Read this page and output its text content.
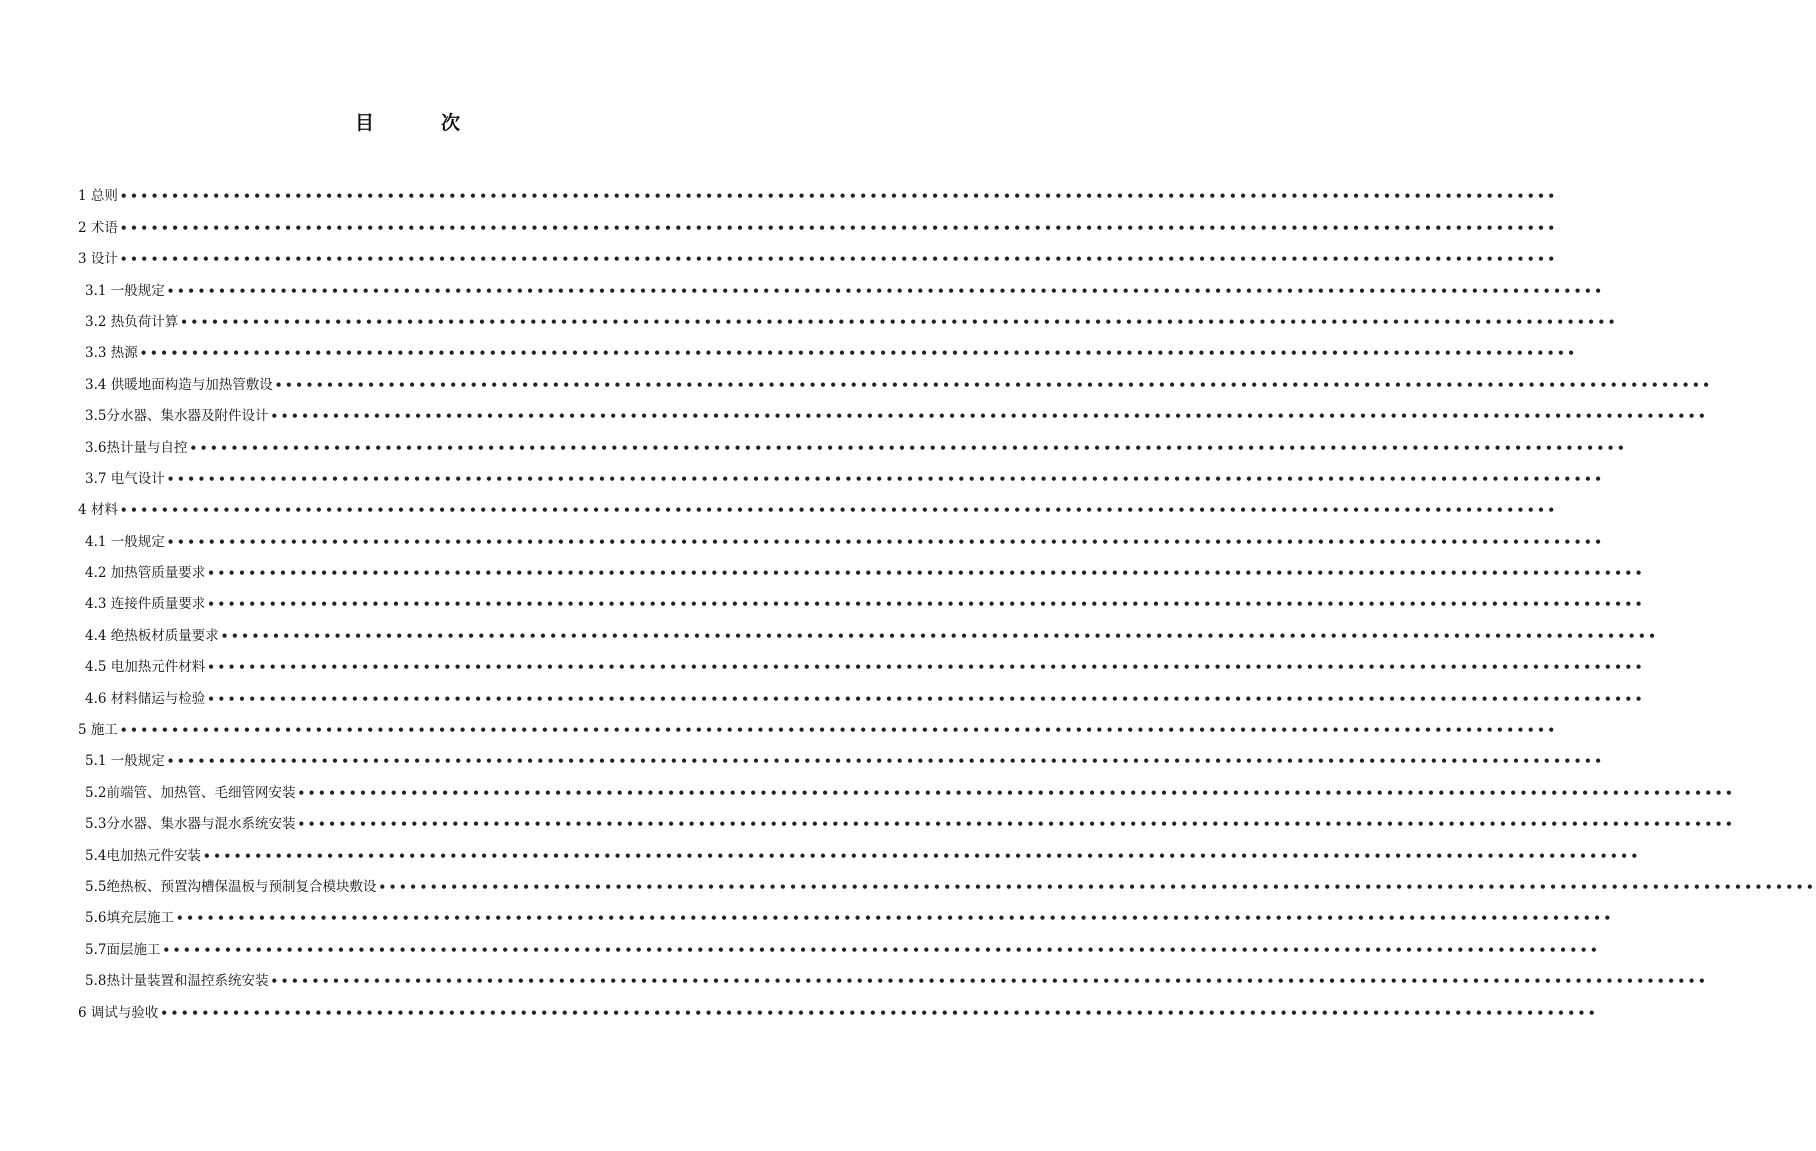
目　次
1 总则 ••••••••••••••••••••••••••••••••••••••••••••••••••••••••••••••••••••••••••••••••••••••••••••••••••••••••••••••••••••••••••••••••••••••••••••
2 术语 ••••••••••••••••••••••••••••••••••••••••••••••••••••••••••••••••••••••••••••••••••••••••••••••••••••••••••••••••••••••••••••••••••••••••••••
3 设计 ••••••••••••••••••••••••••••••••••••••••••••••••••••••••••••••••••••••••••••••••••••••••••••••••••••••••••••••••••••••••••••••••••••••••••••
3.1 一般规定 ••••••••••••••••••••••••••••••••••••••••••••••••••••••••••••••••••••••••••••••••••••••••••••••••••••••••••••••••••••••••••••••••••••••••••••
3.2 热负荷计算 ••••••••••••••••••••••••••••••••••••••••••••••••••••••••••••••••••••••••••••••••••••••••••••••••••••••••••••••••••••••••••••••••••••••••••••
3.3 热源 ••••••••••••••••••••••••••••••••••••••••••••••••••••••••••••••••••••••••••••••••••••••••••••••••••••••••••••••••••••••••••••••••••••••••••••
3.4 供暖地面构造与加热管敷设 ••••••••••••••••••••••••••••••••••••••••••••••••••••••••••••••••••••••••••••••••••••••••••••••••••••••••••••••••••••••••••••••••••••••••••••
3.5分水器、集水器及附件设计 ••••••••••••••••••••••••••••••••••••••••••••••••••••••••••••••••••••••••••••••••••••••••••••••••••••••••••••••••••••••••••••••••••••••••••••
3.6热计量与自控 ••••••••••••••••••••••••••••••••••••••••••••••••••••••••••••••••••••••••••••••••••••••••••••••••••••••••••••••••••••••••••••••••••••••••••••
3.7 电气设计 ••••••••••••••••••••••••••••••••••••••••••••••••••••••••••••••••••••••••••••••••••••••••••••••••••••••••••••••••••••••••••••••••••••••••••••
4 材料 ••••••••••••••••••••••••••••••••••••••••••••••••••••••••••••••••••••••••••••••••••••••••••••••••••••••••••••••••••••••••••••••••••••••••••••
4.1 一般规定 ••••••••••••••••••••••••••••••••••••••••••••••••••••••••••••••••••••••••••••••••••••••••••••••••••••••••••••••••••••••••••••••••••••••••••••
4.2 加热管质量要求 ••••••••••••••••••••••••••••••••••••••••••••••••••••••••••••••••••••••••••••••••••••••••••••••••••••••••••••••••••••••••••••••••••••••••••••
4.3 连接件质量要求 ••••••••••••••••••••••••••••••••••••••••••••••••••••••••••••••••••••••••••••••••••••••••••••••••••••••••••••••••••••••••••••••••••••••••••••
4.4 绝热板材质量要求 ••••••••••••••••••••••••••••••••••••••••••••••••••••••••••••••••••••••••••••••••••••••••••••••••••••••••••••••••••••••••••••••••••••••••••••
4.5 电加热元件材料 ••••••••••••••••••••••••••••••••••••••••••••••••••••••••••••••••••••••••••••••••••••••••••••••••••••••••••••••••••••••••••••••••••••••••••••
4.6 材料储运与检验 ••••••••••••••••••••••••••••••••••••••••••••••••••••••••••••••••••••••••••••••••••••••••••••••••••••••••••••••••••••••••••••••••••••••••••••
5 施工 ••••••••••••••••••••••••••••••••••••••••••••••••••••••••••••••••••••••••••••••••••••••••••••••••••••••••••••••••••••••••••••••••••••••••••••
5.1 一般规定 ••••••••••••••••••••••••••••••••••••••••••••••••••••••••••••••••••••••••••••••••••••••••••••••••••••••••••••••••••••••••••••••••••••••••••••
5.2前端管、加热管、毛细管网安装 ••••••••••••••••••••••••••••••••••••••••••••••••••••••••••••••••••••••••••••••••••••••••••••••••••••••••••••••••••••••••••••••••••••••••••••
5.3分水器、集水器与混水系统安装 ••••••••••••••••••••••••••••••••••••••••••••••••••••••••••••••••••••••••••••••••••••••••••••••••••••••••••••••••••••••••••••••••••••••••••••
5.4电加热元件安装 ••••••••••••••••••••••••••••••••••••••••••••••••••••••••••••••••••••••••••••••••••••••••••••••••••••••••••••••••••••••••••••••••••••••••••••
5.5绝热板、预置沟槽保温板与预制复合模块敷设 ••••••••••••••••••••••••••••••••••••••••••••••••••••••••••••••••••••••••••••••••••••••••••••••••••••••••••••••••••••••••••••••••••••••••••••
5.6填充层施工 ••••••••••••••••••••••••••••••••••••••••••••••••••••••••••••••••••••••••••••••••••••••••••••••••••••••••••••••••••••••••••••••••••••••••••••
5.7面层施工 ••••••••••••••••••••••••••••••••••••••••••••••••••••••••••••••••••••••••••••••••••••••••••••••••••••••••••••••••••••••••••••••••••••••••••••
5.8热计量装置和温控系统安装 ••••••••••••••••••••••••••••••••••••••••••••••••••••••••••••••••••••••••••••••••••••••••••••••••••••••••••••••••••••••••••••••••••••••••••••
6 调试与验收 ••••••••••••••••••••••••••••••••••••••••••••••••••••••••••••••••••••••••••••••••••••••••••••••••••••••••••••••••••••••••••••••••••••••••••••
